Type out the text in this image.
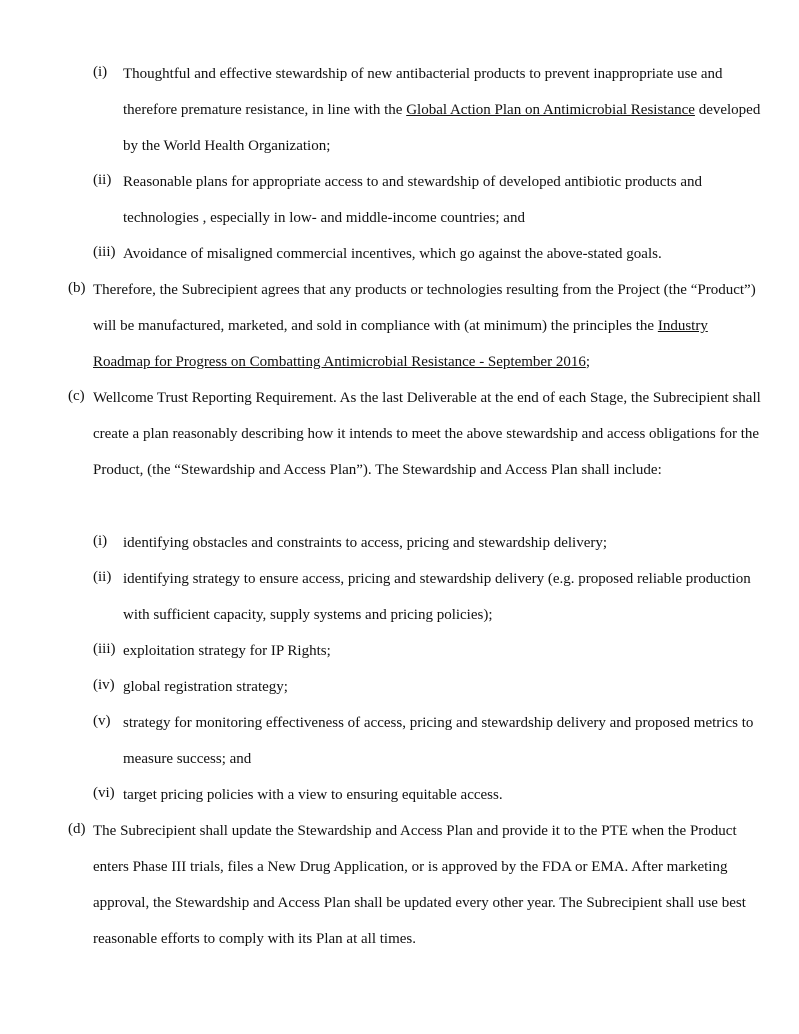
(i) Thoughtful and effective stewardship of new antibacterial products to prevent inappropriate use and therefore premature resistance, in line with the Global Action Plan on Antimicrobial Resistance developed by the World Health Organization;
(ii) Reasonable plans for appropriate access to and stewardship of developed antibiotic products and technologies , especially in low- and middle-income countries; and
(iii) Avoidance of misaligned commercial incentives, which go against the above-stated goals.
(b) Therefore, the Subrecipient agrees that any products or technologies resulting from the Project (the “Product”) will be manufactured, marketed, and sold in compliance with (at minimum) the principles the Industry Roadmap for Progress on Combatting Antimicrobial Resistance - September 2016;
(c) Wellcome Trust Reporting Requirement. As the last Deliverable at the end of each Stage, the Subrecipient shall create a plan reasonably describing how it intends to meet the above stewardship and access obligations for the Product, (the “Stewardship and Access Plan”). The Stewardship and Access Plan shall include:
(i) identifying obstacles and constraints to access, pricing and stewardship delivery;
(ii) identifying strategy to ensure access, pricing and stewardship delivery (e.g. proposed reliable production with sufficient capacity, supply systems and pricing policies);
(iii) exploitation strategy for IP Rights;
(iv) global registration strategy;
(v) strategy for monitoring effectiveness of access, pricing and stewardship delivery and proposed metrics to measure success; and
(vi) target pricing policies with a view to ensuring equitable access.
(d) The Subrecipient shall update the Stewardship and Access Plan and provide it to the PTE when the Product enters Phase III trials, files a New Drug Application, or is approved by the FDA or EMA. After marketing approval, the Stewardship and Access Plan shall be updated every other year. The Subrecipient shall use best reasonable efforts to comply with its Plan at all times.
